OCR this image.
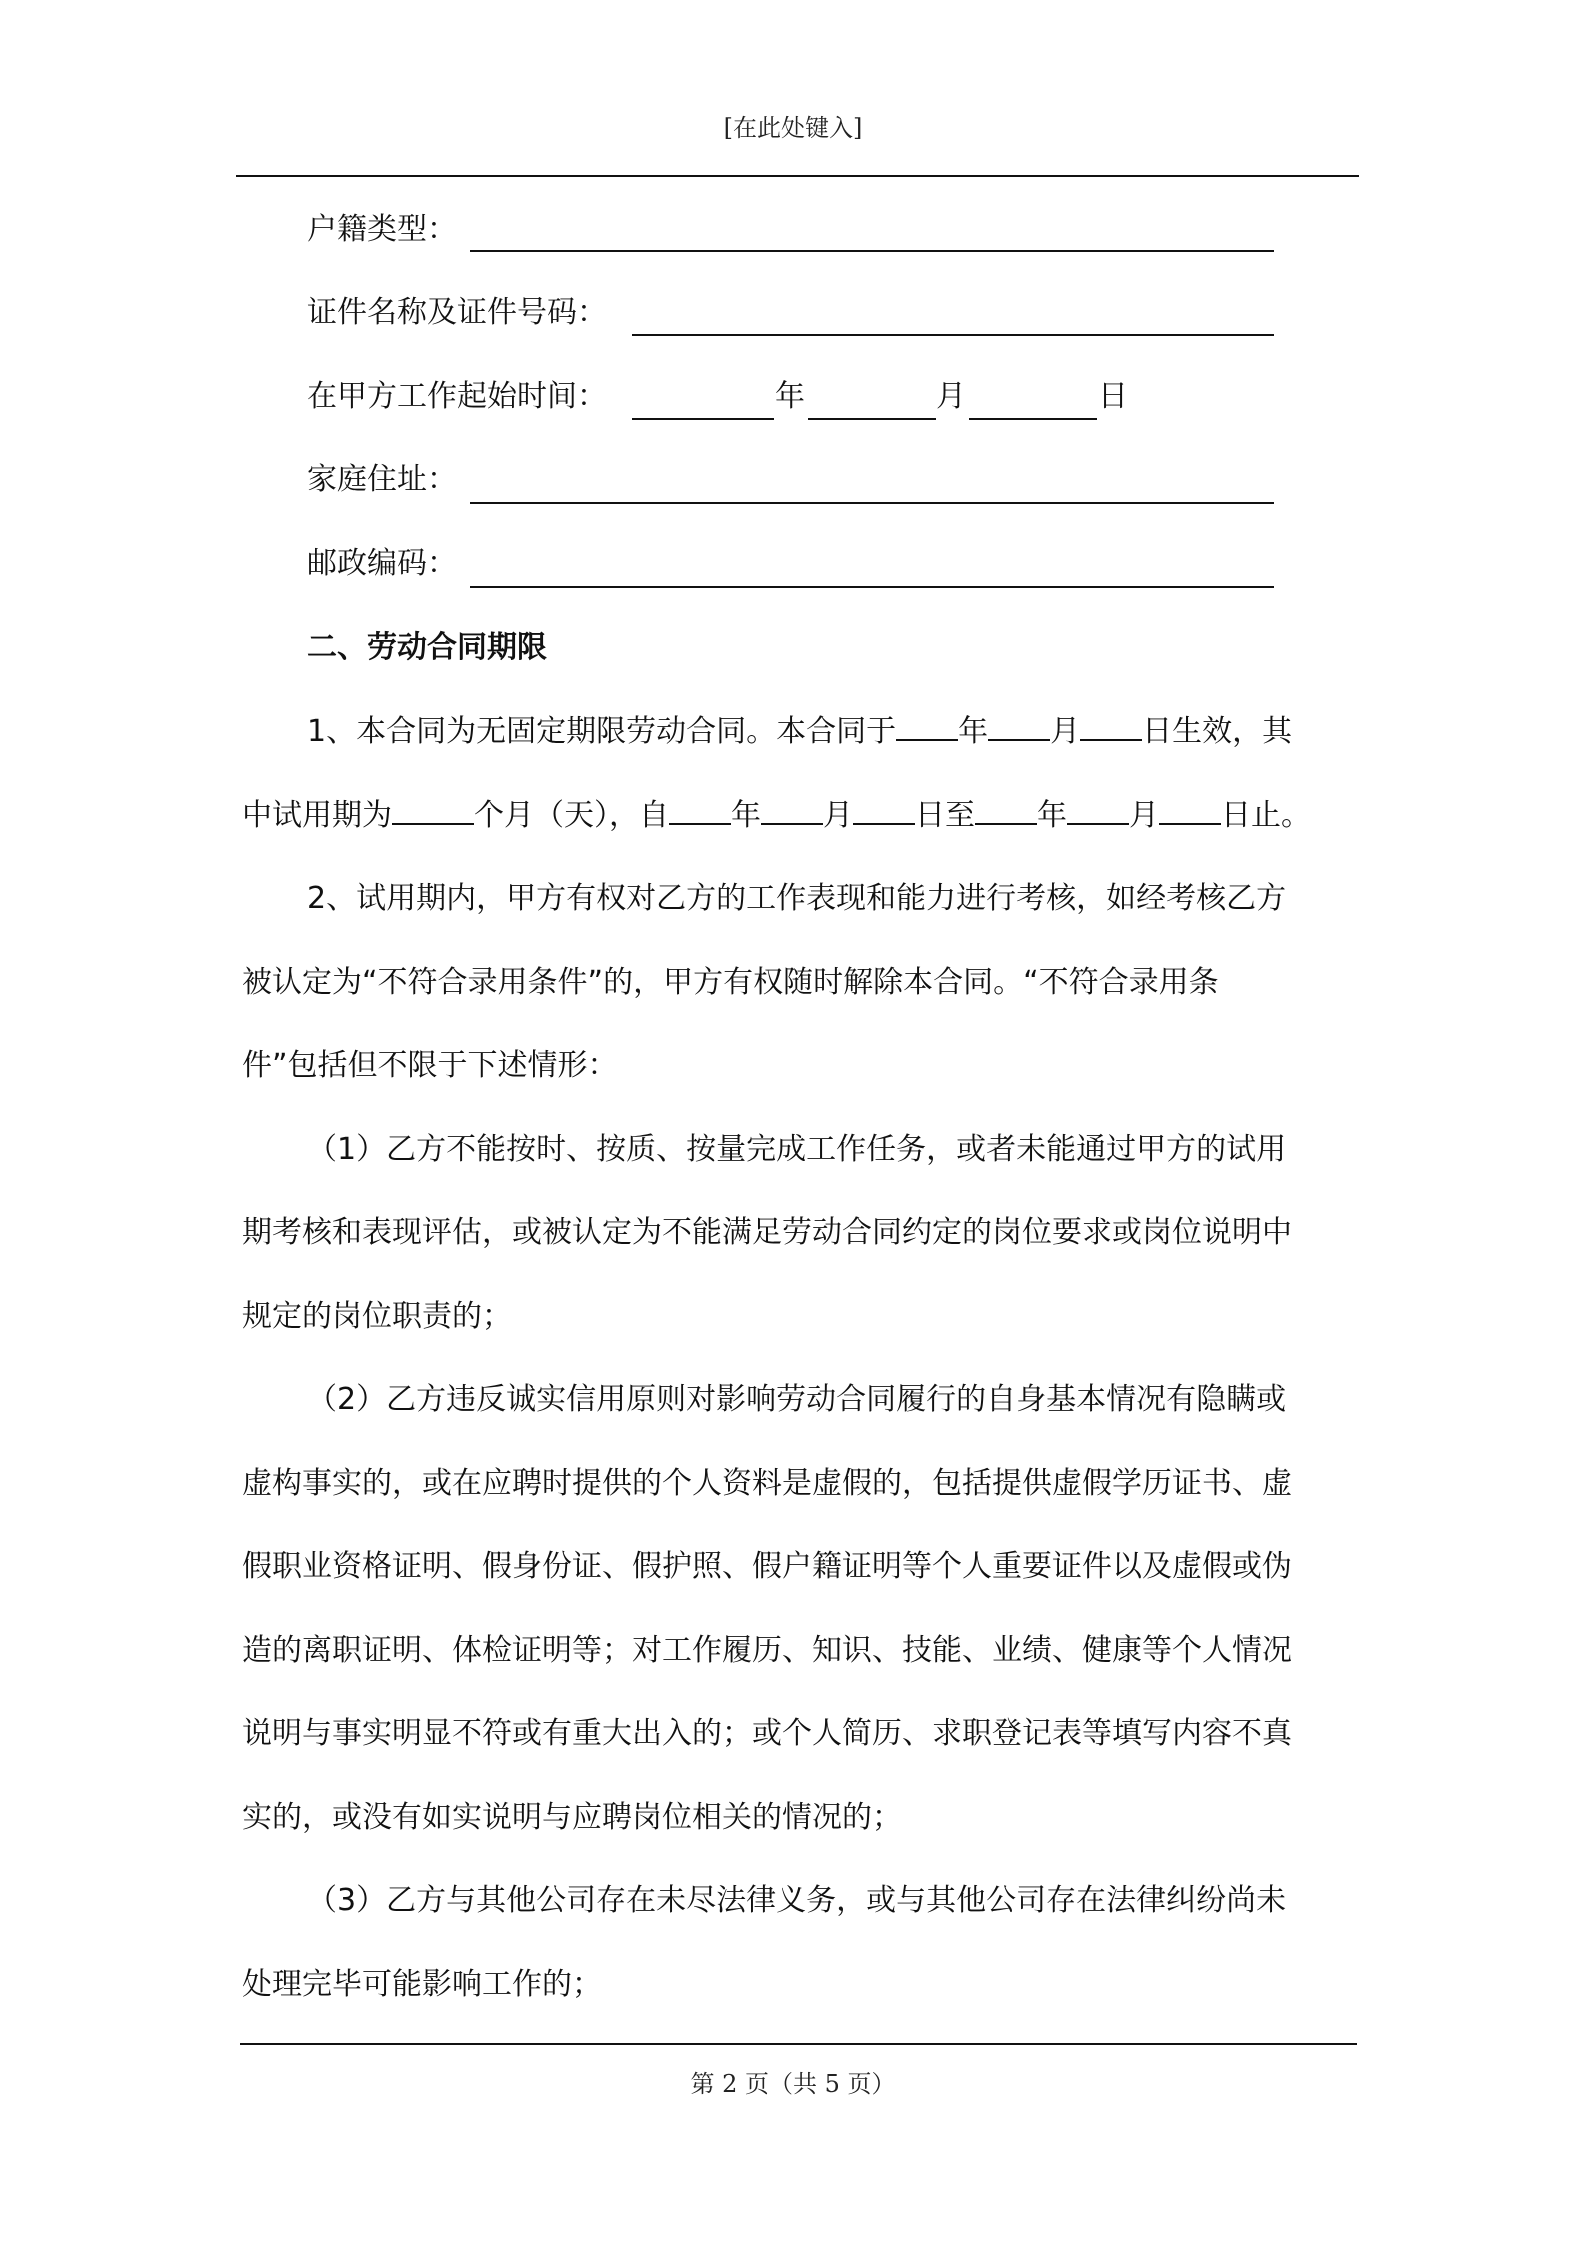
[在此处键入]
户籍类型：
证件名称及证件号码：
在甲方工作起始时间：	年	月	日
家庭住址：
邮政编码：
二、劳动合同期限
1、本合同为无固定期限劳动合同。本合同于 年 月 日生效，其
中试用期为	个月（天），自 年 月 日至 年 月 日止。
2、试用期内，甲方有权对乙方的工作表现和能力进行考核，如经考核乙方
被认定为“不符合录用条件”的，甲方有权随时解除本合同。“不符合录用条
件”包括但不限于下述情形：
（1）乙方不能按时、按质、按量完成工作任务，或者未能通过甲方的试用
期考核和表现评估，或被认定为不能满足劳动合同约定的岗位要求或岗位说明中
规定的岗位职责的；
（2）乙方违反诚实信用原则对影响劳动合同履行的自身基本情况有隐瞒或
虚构事实的，或在应聘时提供的个人资料是虚假的，包括提供虚假学历证书、虚
假职业资格证明、假身份证、假护照、假户籍证明等个人重要证件以及虚假或伪
造的离职证明、体检证明等；对工作履历、知识、技能、业绩、健康等个人情况
说明与事实明显不符或有重大出入的；或个人简历、求职登记表等填写内容不真
实的，或没有如实说明与应聘岗位相关的情况的；
（3）乙方与其他公司存在未尽法律义务，或与其他公司存在法律纠纷尚未
处理完毕可能影响工作的；
第 2 页（共 5 页）
